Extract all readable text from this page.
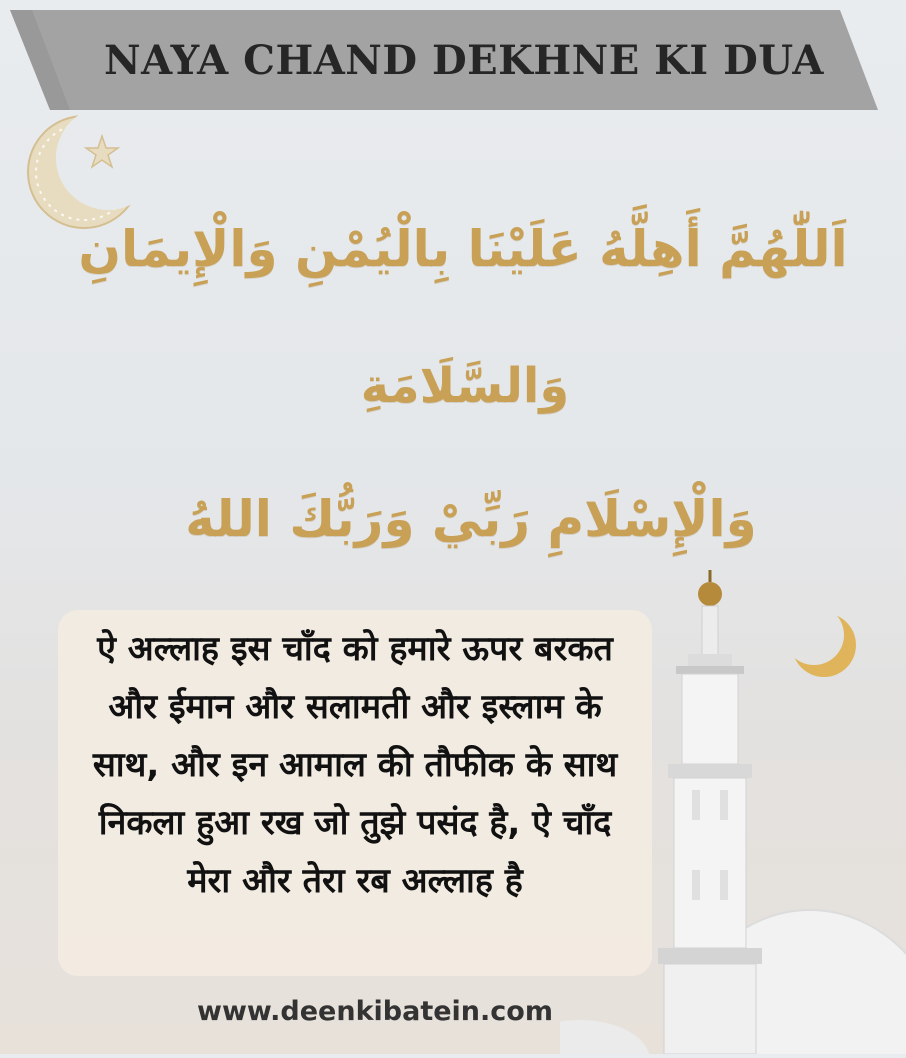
NAYA CHAND DEKHNE KI DUA
اَللّٰهُمَّ أَهِلَّهُ عَلَيْنَا بِالْيُمْنِ وَالْإِيمَانِ
وَالسَّلَامَةِ
وَالْإِسْلَامِ رَبِّيْ وَرَبُّكَ اللهُ
ऐ अल्लाह इस चाँद को हमारे ऊपर बरकत और ईमान और सलामती और इस्लाम के साथ, और इन आमाल की तौफीक के साथ निकला हुआ रख जो तुझे पसंद है, ऐ चाँद मेरा और तेरा रब अल्लाह है
www.deenkibatein.com
